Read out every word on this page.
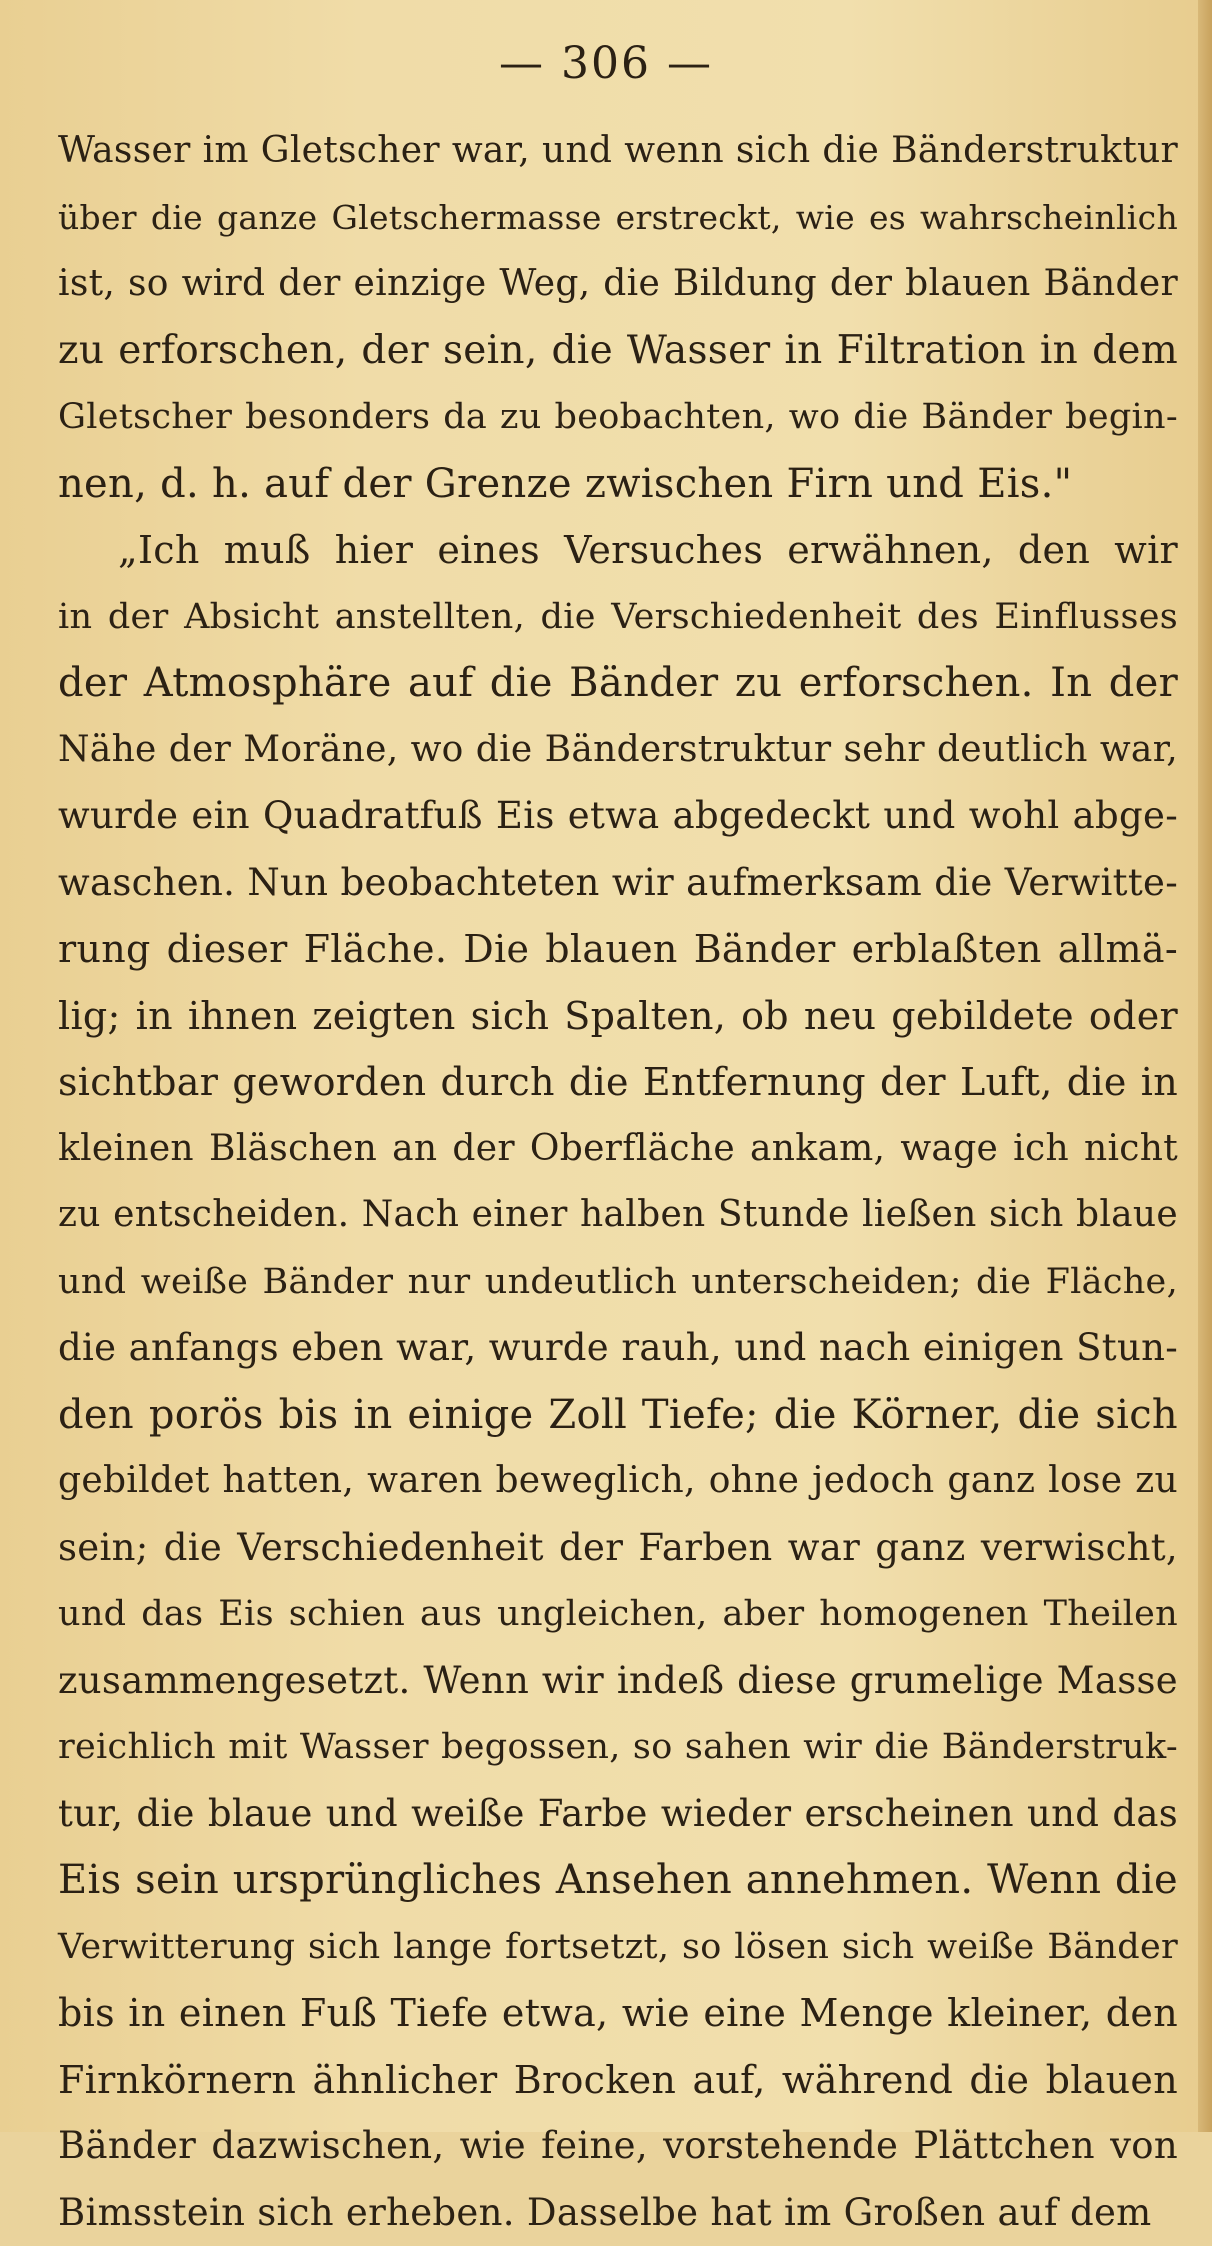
— 306 —
Wasser im Gletscher war, und wenn sich die Bänderstruktur
über die ganze Gletschermasse erstreckt, wie es wahrscheinlich
ist, so wird der einzige Weg, die Bildung der blauen Bänder
zu erforschen, der sein, die Wasser in Filtration in dem
Gletscher besonders da zu beobachten, wo die Bänder begin-
nen, d. h. auf der Grenze zwischen Firn und Eis."
„Ich muß hier eines Versuches erwähnen, den wir
in der Absicht anstellten, die Verschiedenheit des Einflusses
der Atmosphäre auf die Bänder zu erforschen. In der
Nähe der Moräne, wo die Bänderstruktur sehr deutlich war,
wurde ein Quadratfuß Eis etwa abgedeckt und wohl abge-
waschen. Nun beobachteten wir aufmerksam die Verwitte-
rung dieser Fläche. Die blauen Bänder erblaßten allmä-
lig; in ihnen zeigten sich Spalten, ob neu gebildete oder
sichtbar geworden durch die Entfernung der Luft, die in
kleinen Bläschen an der Oberfläche ankam, wage ich nicht
zu entscheiden. Nach einer halben Stunde ließen sich blaue
und weiße Bänder nur undeutlich unterscheiden; die Fläche,
die anfangs eben war, wurde rauh, und nach einigen Stun-
den porös bis in einige Zoll Tiefe; die Körner, die sich
gebildet hatten, waren beweglich, ohne jedoch ganz lose zu
sein; die Verschiedenheit der Farben war ganz verwischt,
und das Eis schien aus ungleichen, aber homogenen Theilen
zusammengesetzt. Wenn wir indeß diese grumelige Masse
reichlich mit Wasser begossen, so sahen wir die Bänderstruk-
tur, die blaue und weiße Farbe wieder erscheinen und das
Eis sein ursprüngliches Ansehen annehmen. Wenn die
Verwitterung sich lange fortsetzt, so lösen sich weiße Bänder
bis in einen Fuß Tiefe etwa, wie eine Menge kleiner, den
Firnkörnern ähnlicher Brocken auf, während die blauen
Bänder dazwischen, wie feine, vorstehende Plättchen von
Bimsstein sich erheben. Dasselbe hat im Großen auf dem
